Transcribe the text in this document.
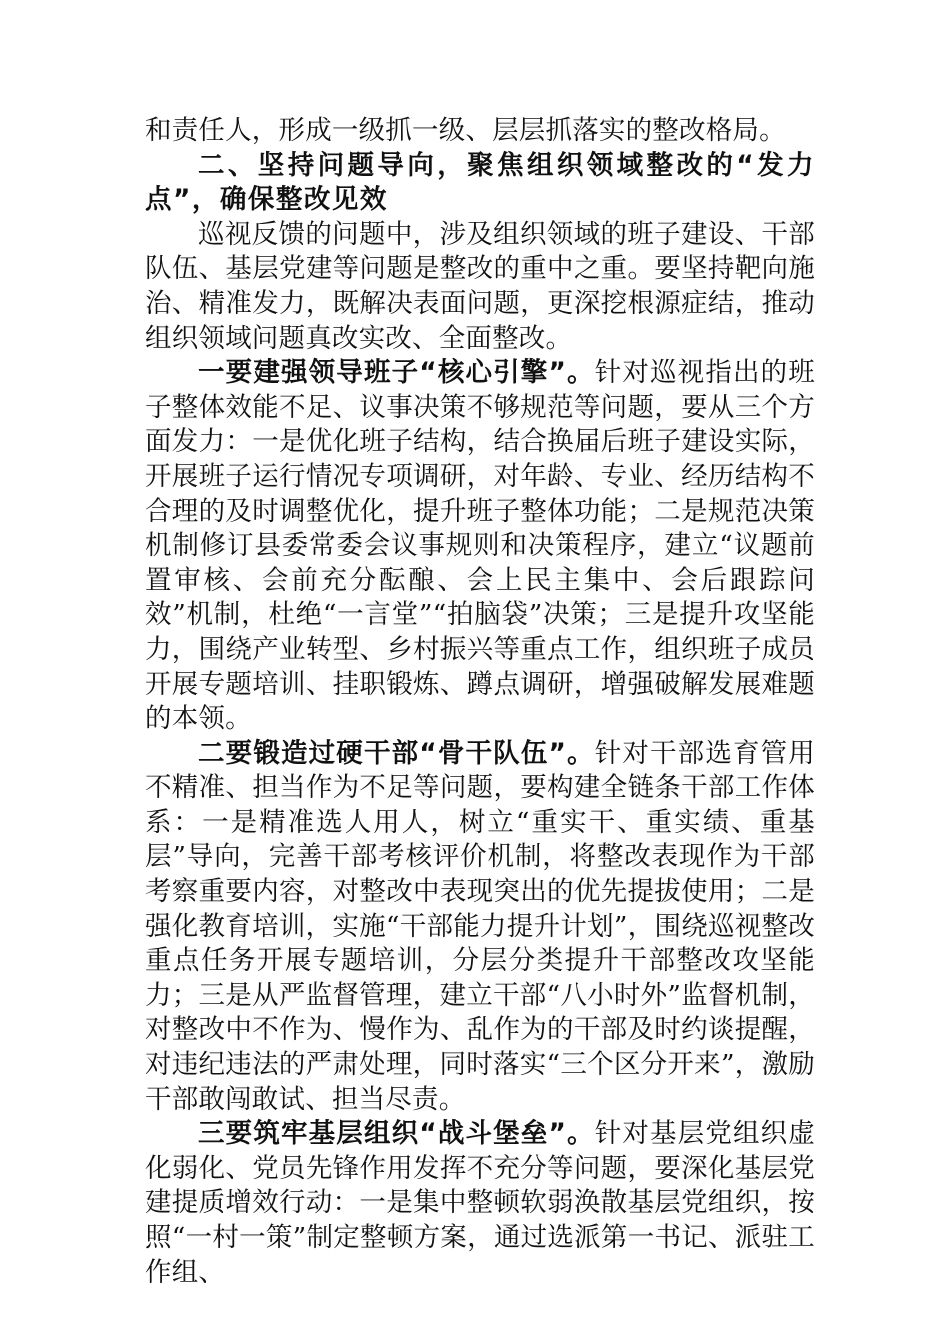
和责任人，形成一级抓一级、层层抓落实的整改格局。

二、坚持问题导向，聚焦组织领域整改的“发力点”，确保整改见效

巡视反馈的问题中，涉及组织领域的班子建设、干部队伍、基层党建等问题是整改的重中之重。要坚持靶向施治、精准发力，既解决表面问题，更深挖根源症结，推动组织领域问题真改实改、全面整改。

一要建强领导班子“核心引擎”。针对巡视指出的班子整体效能不足、议事决策不够规范等问题，要从三个方面发力：一是优化班子结构，结合换届后班子建设实际，开展班子运行情况专项调研，对年龄、专业、经历结构不合理的及时调整优化，提升班子整体功能；二是规范决策机制修订县委常委会议事规则和决策程序，建立“议题前置审核、会前充分酝酿、会上民主集中、会后跟踪问效”机制，杜绝“一言堂”“拍脑袋”决策；三是提升攻坚能力，围绕产业转型、乡村振兴等重点工作，组织班子成员开展专题培训、挂职锻炼、蹲点调研，增强破解发展难题的本领。

二要锻造过硬干部“骨干队伍”。针对干部选育管用不精准、担当作为不足等问题，要构建全链条干部工作体系：一是精准选人用人，树立“重实干、重实绩、重基层”导向，完善干部考核评价机制，将整改表现作为干部考察重要内容，对整改中表现突出的优先提拔使用；二是强化教育培训，实施“干部能力提升计划”，围绕巡视整改重点任务开展专题培训，分层分类提升干部整改攻坚能力；三是从严监督管理，建立干部“八小时外”监督机制，对整改中不作为、慢作为、乱作为的干部及时约谈提醒，对违纪违法的严肃处理，同时落实“三个区分开来”，激励干部敢闯敢试、担当尽责。

三要筑牢基层组织“战斗堡垒”。针对基层党组织虚化弱化、党员先锋作用发挥不充分等问题，要深化基层党建提质增效行动：一是集中整顿软弱涣散基层党组织，按照“一村一策”制定整顿方案，通过选派第一书记、派驻工作组、
